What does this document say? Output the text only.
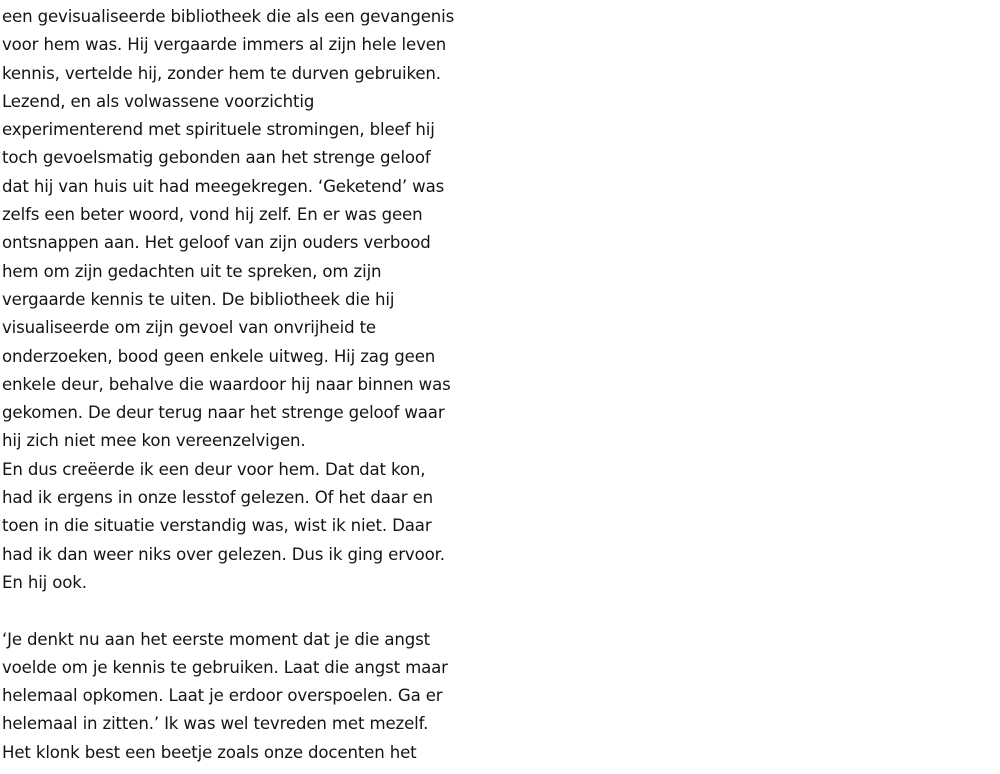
een gevisualiseerde bibliotheek die als een gevangenis
voor hem was. Hij vergaarde immers al zijn hele leven
kennis, vertelde hij, zonder hem te durven gebruiken.
Lezend, en als volwassene voorzichtig
experimenterend met spirituele stromingen, bleef hij
toch gevoelsmatig gebonden aan het strenge geloof
dat hij van huis uit had meegekregen. ‘Geketend’ was
zelfs een beter woord, vond hij zelf. En er was geen
ontsnappen aan. Het geloof van zijn ouders verbood
hem om zijn gedachten uit te spreken, om zijn
vergaarde kennis te uiten. De bibliotheek die hij
visualiseerde om zijn gevoel van onvrijheid te
onderzoeken, bood geen enkele uitweg. Hij zag geen
enkele deur, behalve die waardoor hij naar binnen was
gekomen. De deur terug naar het strenge geloof waar
hij zich niet mee kon vereenzelvigen.
En dus creëerde ik een deur voor hem. Dat dat kon,
had ik ergens in onze lesstof gelezen. Of het daar en
toen in die situatie verstandig was, wist ik niet. Daar
had ik dan weer niks over gelezen. Dus ik ging ervoor.
En hij ook.
‘Je denkt nu aan het eerste moment dat je die angst
voelde om je kennis te gebruiken. Laat die angst maar
helemaal opkomen. Laat je erdoor overspoelen. Ga er
helemaal in zitten.’ Ik was wel tevreden met mezelf.
Het klonk best een beetje zoals onze docenten het
